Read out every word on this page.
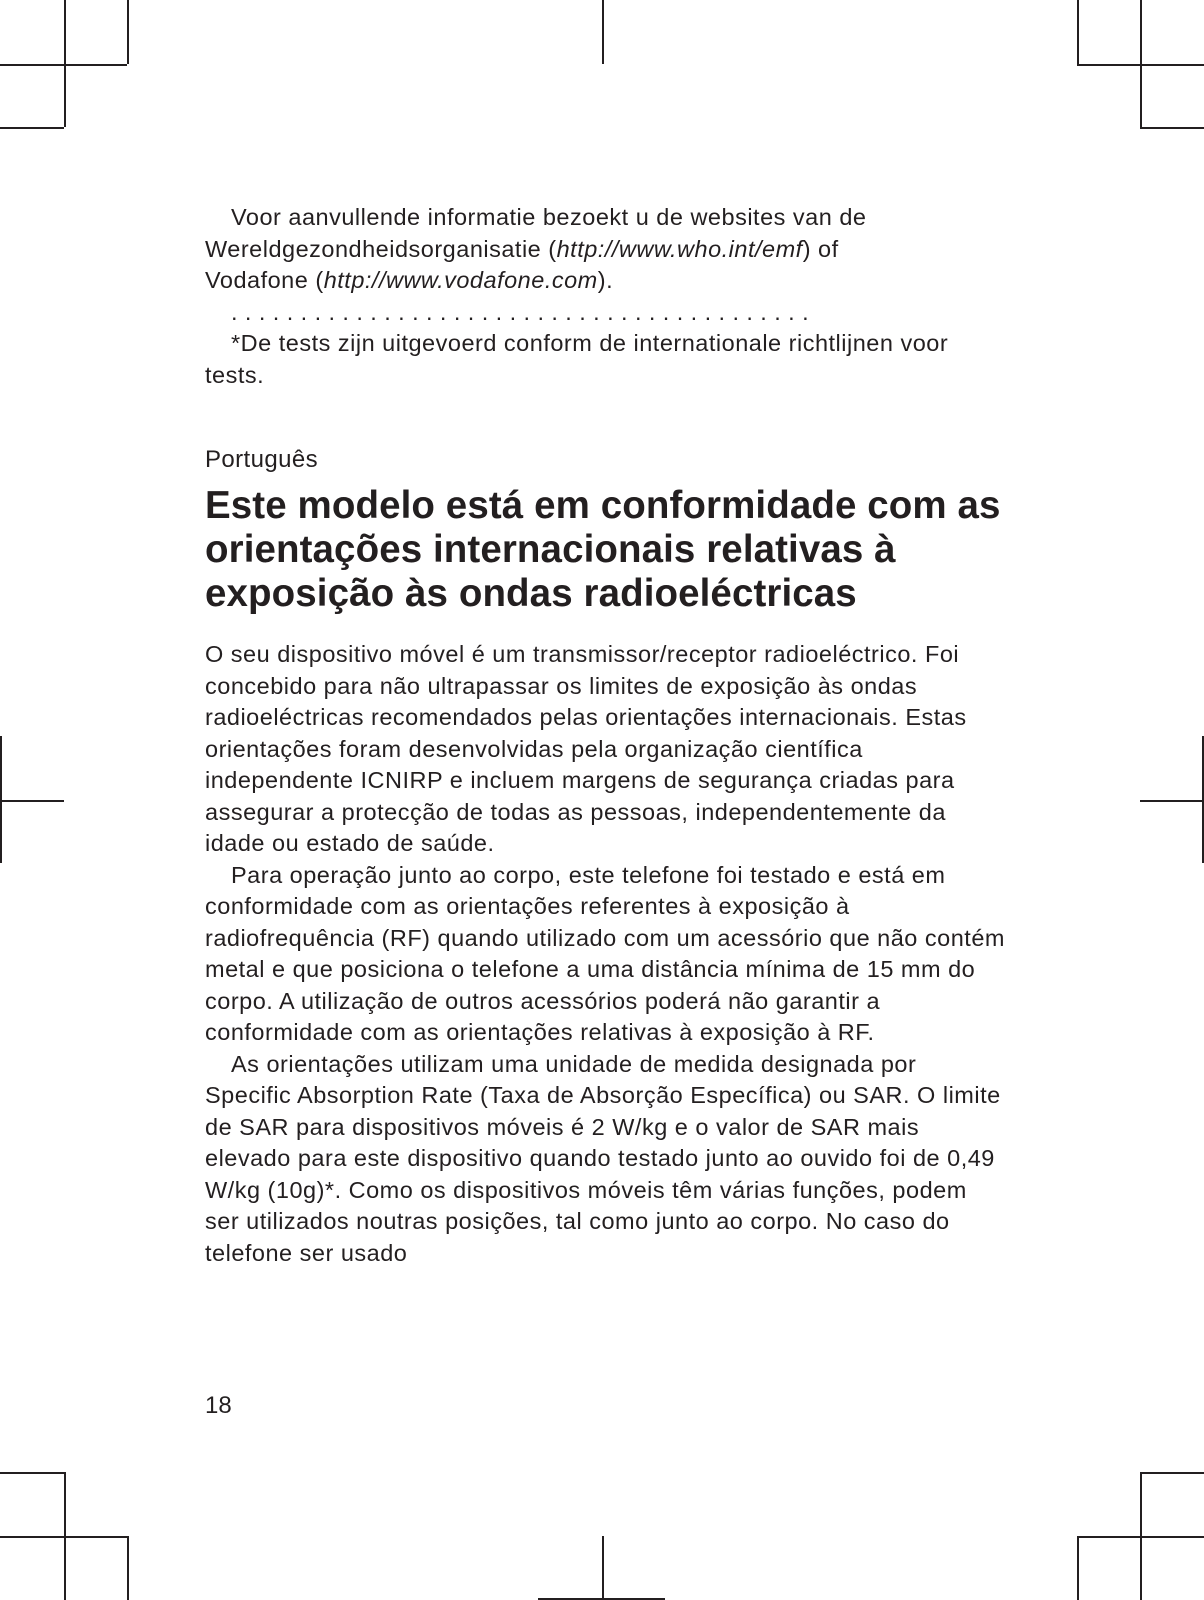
Voor aanvullende informatie bezoekt u de websites van de
Wereldgezondheidsorganisatie (http://www.who.int/emf) of
Vodafone (http://www.vodafone.com).

..........................................

*De tests zijn uitgevoerd conform de internationale richtlijnen voor tests.

Português

Este modelo está em conformidade com as orientações internacionais relativas à exposição às ondas radioeléctricas

O seu dispositivo móvel é um transmissor/receptor radioeléctrico. Foi concebido para não ultrapassar os limites de exposição às ondas radioeléctricas recomendados pelas orientações internacionais. Estas orientações foram desenvolvidas pela organização científica independente ICNIRP e incluem margens de segurança criadas para assegurar a protecção de todas as pessoas, independentemente da idade ou estado de saúde.

Para operação junto ao corpo, este telefone foi testado e está em conformidade com as orientações referentes à exposição à radiofrequência (RF) quando utilizado com um acessório que não contém metal e que posiciona o telefone a uma distância mínima de 15 mm do corpo. A utilização de outros acessórios poderá não garantir a conformidade com as orientações relativas à exposição à RF.

As orientações utilizam uma unidade de medida designada por Specific Absorption Rate (Taxa de Absorção Específica) ou SAR. O limite de SAR para dispositivos móveis é 2 W/kg e o valor de SAR mais elevado para este dispositivo quando testado junto ao ouvido foi de 0,49 W/kg (10g)*. Como os dispositivos móveis têm várias funções, podem ser utilizados noutras posições, tal como junto ao corpo. No caso do telefone ser usado

18
